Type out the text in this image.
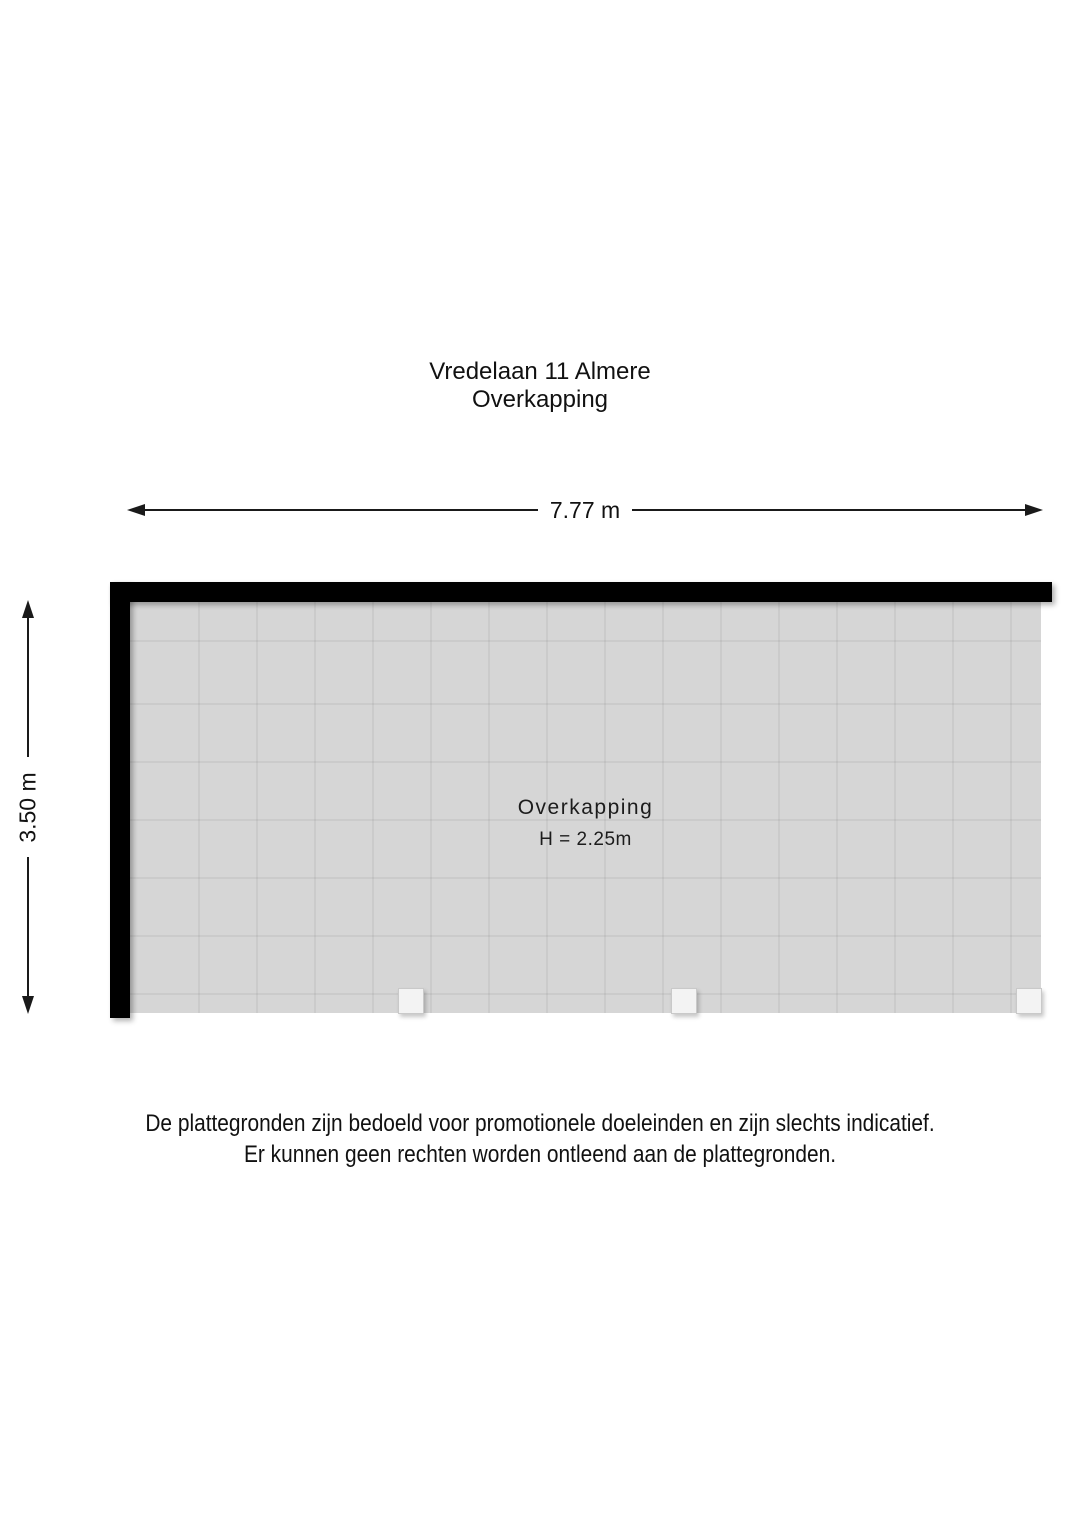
Vredelaan 11 Almere
Overkapping
7.77 m
3.50 m	Overkapping
H = 2.25m
De plattegronden zijn bedoeld voor promotionele doeleinden en zijn slechts indicatief.
Er kunnen geen rechten worden ontleend aan de plattegronden.
